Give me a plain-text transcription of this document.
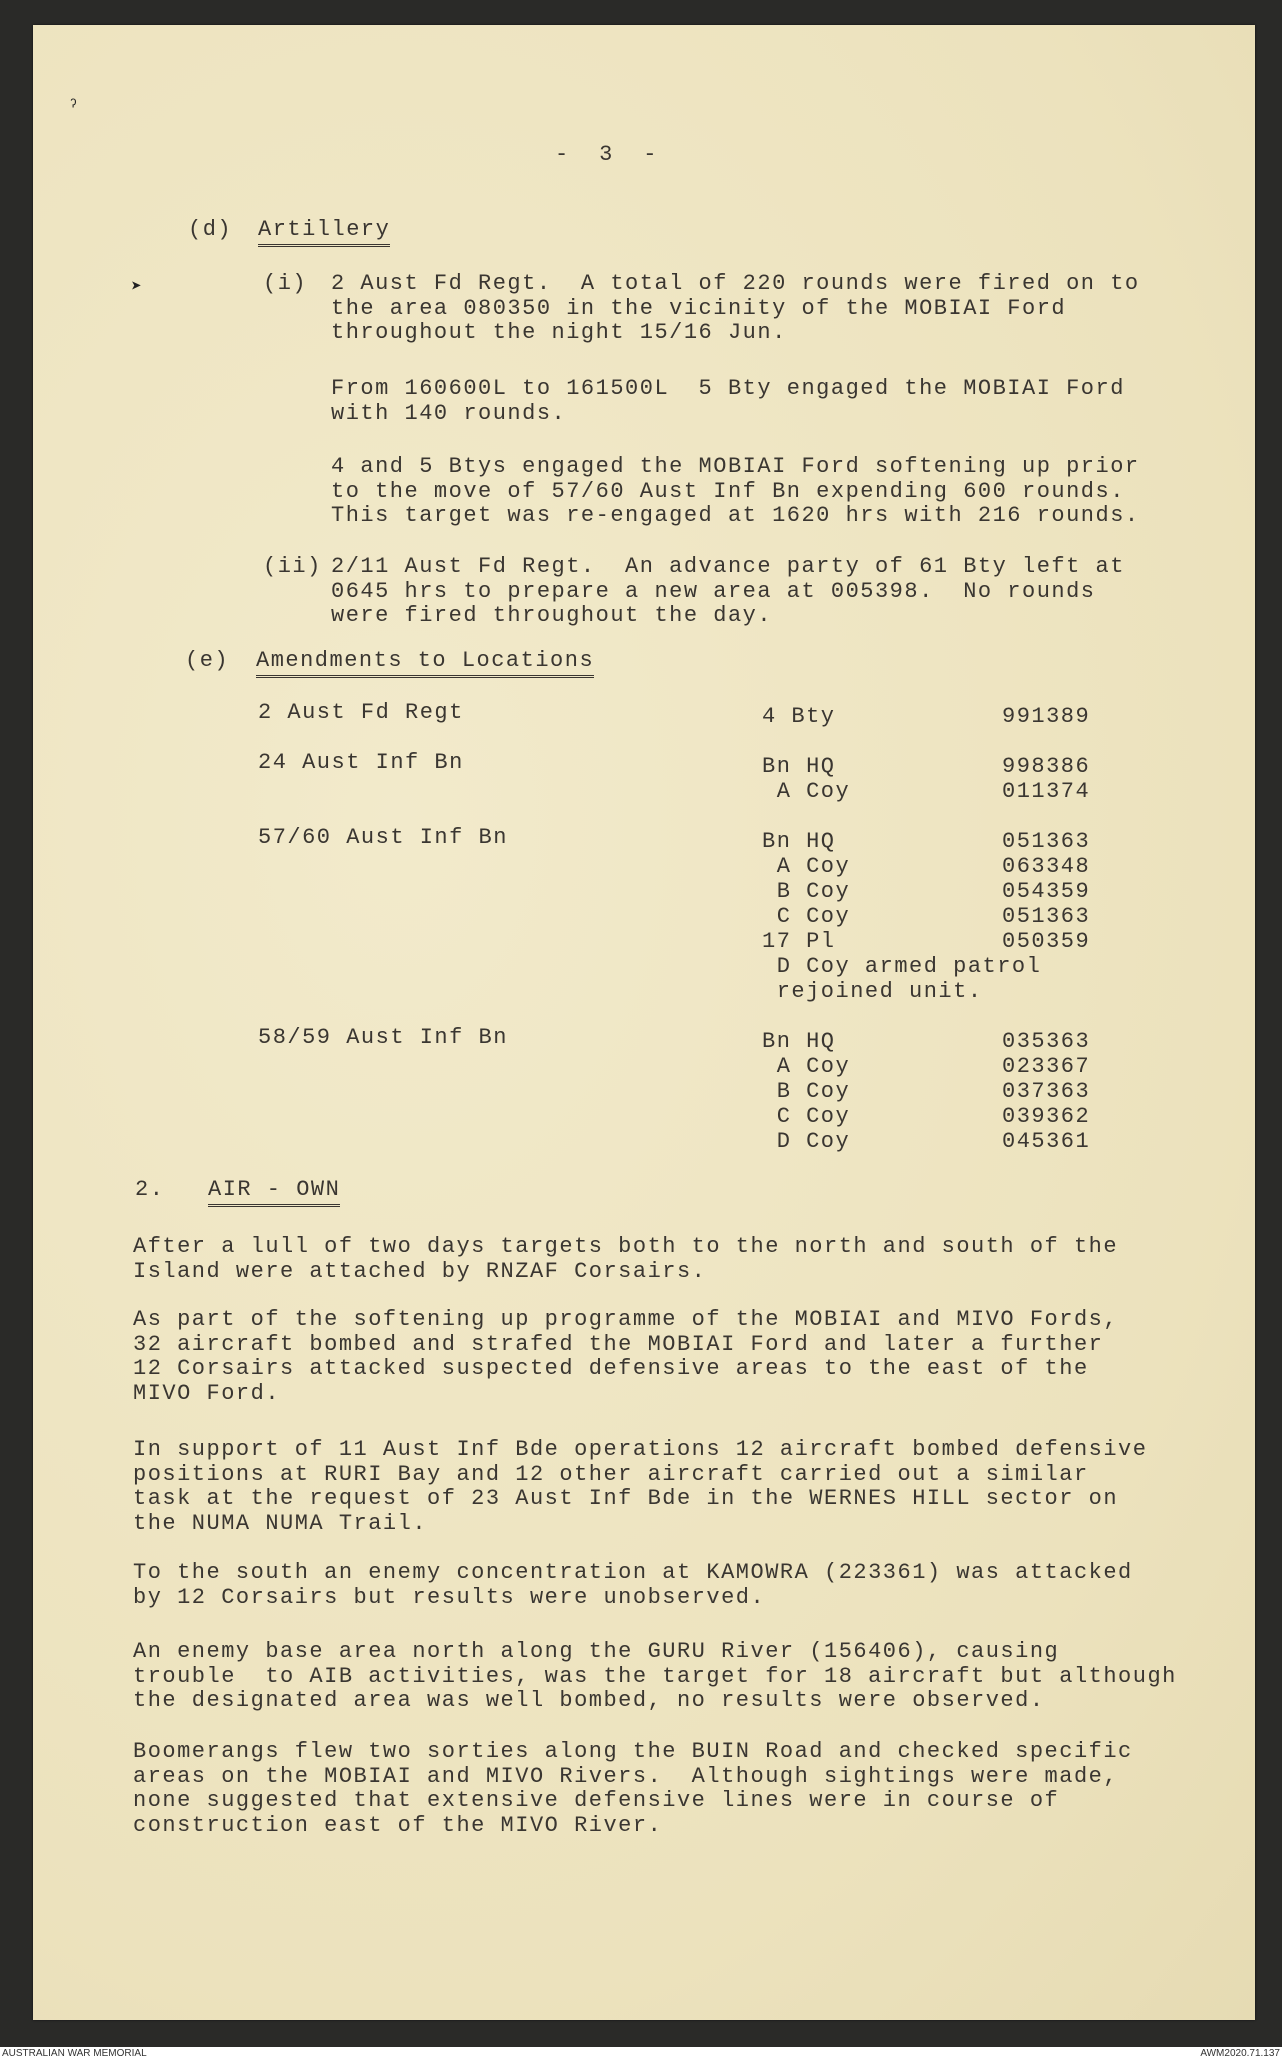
ˀ
➤
-  3  -
(d) Artillery
(i) 2 Aust Fd Regt.  A total of 220 rounds were fired on to
the area 080350 in the vicinity of the MOBIAI Ford
throughout the night 15/16 Jun.
From 160600L to 161500L  5 Bty engaged the MOBIAI Ford
with 140 rounds.
4 and 5 Btys engaged the MOBIAI Ford softening up prior
to the move of 57/60 Aust Inf Bn expending 600 rounds.
This target was re-engaged at 1620 hrs with 216 rounds.
(ii) 2/11 Aust Fd Regt.  An advance party of 61 Bty left at
0645 hrs to prepare a new area at 005398.  No rounds
were fired throughout the day.
(e) Amendments to Locations
2 Aust Fd Regt	4 Bty	991389
24 Aust Inf Bn	Bn HQ	998386
A Coy	011374
57/60 Aust Inf Bn	Bn HQ	051363
A Coy	063348
B Coy	054359
C Coy	051363
17 Pl	050359
D Coy armed patrol
rejoined unit.
58/59 Aust Inf Bn	Bn HQ	035363
A Coy	023367
B Coy	037363
C Coy	039362
D Coy	045361
2. AIR - OWN
After a lull of two days targets both to the north and south of the
Island were attached by RNZAF Corsairs.
As part of the softening up programme of the MOBIAI and MIVO Fords,
32 aircraft bombed and strafed the MOBIAI Ford and later a further
12 Corsairs attacked suspected defensive areas to the east of the
MIVO Ford.
In support of 11 Aust Inf Bde operations 12 aircraft bombed defensive
positions at RURI Bay and 12 other aircraft carried out a similar
task at the request of 23 Aust Inf Bde in the WERNES HILL sector on
the NUMA NUMA Trail.
To the south an enemy concentration at KAMOWRA (223361) was attacked
by 12 Corsairs but results were unobserved.
An enemy base area north along the GURU River (156406), causing
trouble  to AIB activities, was the target for 18 aircraft but although
the designated area was well bombed, no results were observed.
Boomerangs flew two sorties along the BUIN Road and checked specific
areas on the MOBIAI and MIVO Rivers.  Although sightings were made,
none suggested that extensive defensive lines were in course of
construction east of the MIVO River.
AUSTRALIAN WAR MEMORIAL	AWM2020.71.137
